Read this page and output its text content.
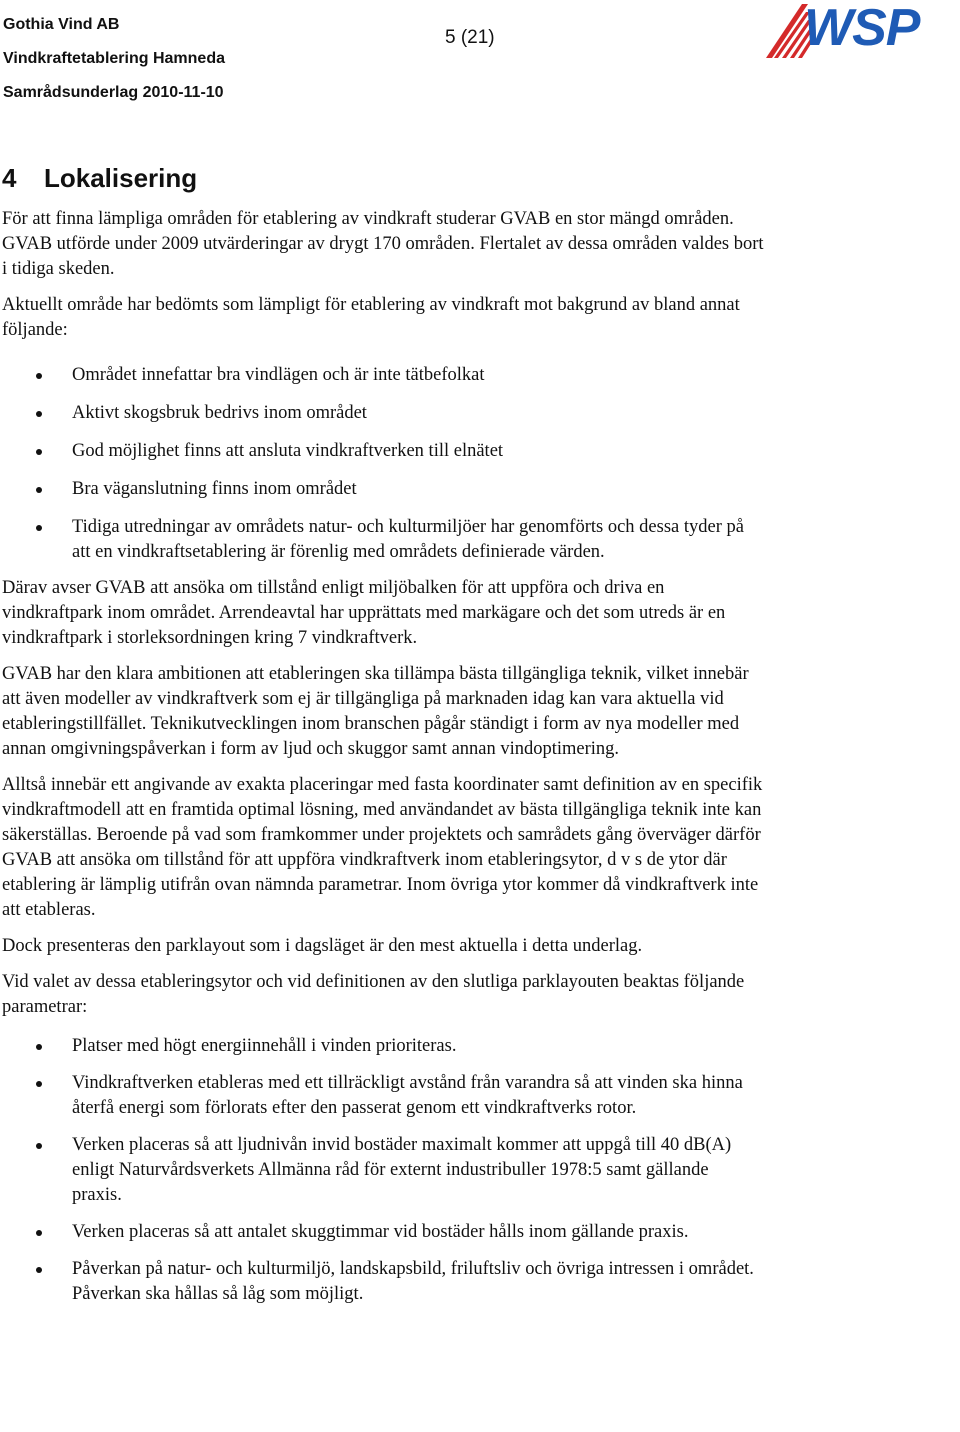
Gothia Vind AB
Vindkraftetablering Hamneda
Samrådsunderlag 2010-11-10
5 (21)	WSP
4 Lokalisering

För att finna lämpliga områden för etablering av vindkraft studerar GVAB en stor mängd områden. GVAB utförde under 2009 utvärderingar av drygt 170 områden. Flertalet av dessa områden valdes bort i tidiga skeden.

Aktuellt område har bedömts som lämpligt för etablering av vindkraft mot bakgrund av bland annat följande:

Området innefattar bra vindlägen och är inte tätbefolkat
Aktivt skogsbruk bedrivs inom området
God möjlighet finns att ansluta vindkraftverken till elnätet
Bra väganslutning finns inom området
Tidiga utredningar av områdets natur- och kulturmiljöer har genomförts och dessa tyder på att en vindkraftsetablering är förenlig med områdets definierade värden.

Därav avser GVAB att ansöka om tillstånd enligt miljöbalken för att uppföra och driva en vindkraftpark inom området. Arrendeavtal har upprättats med markägare och det som utreds är en vindkraftpark i storleksordningen kring 7 vindkraftverk.

GVAB har den klara ambitionen att etableringen ska tillämpa bästa tillgängliga teknik, vilket innebär att även modeller av vindkraftverk som ej är tillgängliga på marknaden idag kan vara aktuella vid etableringstillfället. Teknikutvecklingen inom branschen pågår ständigt i form av nya modeller med annan omgivningspåverkan i form av ljud och skuggor samt annan vindoptimering.

Alltså innebär ett angivande av exakta placeringar med fasta koordinater samt definition av en specifik vindkraftmodell att en framtida optimal lösning, med användandet av bästa tillgängliga teknik inte kan säkerställas. Beroende på vad som framkommer under projektets och samrådets gång överväger därför GVAB att ansöka om tillstånd för att uppföra vindkraftverk inom etableringsytor, d v s de ytor där etablering är lämplig utifrån ovan nämnda parametrar. Inom övriga ytor kommer då vindkraftverk inte att etableras.

Dock presenteras den parklayout som i dagsläget är den mest aktuella i detta underlag.

Vid valet av dessa etableringsytor och vid definitionen av den slutliga parklayouten beaktas följande parametrar:

Platser med högt energiinnehåll i vinden prioriteras.
Vindkraftverken etableras med ett tillräckligt avstånd från varandra så att vinden ska hinna återfå energi som förlorats efter den passerat genom ett vindkraftverks rotor.
Verken placeras så att ljudnivån invid bostäder maximalt kommer att uppgå till 40 dB(A) enligt Naturvårdsverkets Allmänna råd för externt industribuller 1978:5 samt gällande praxis.
Verken placeras så att antalet skuggtimmar vid bostäder hålls inom gällande praxis.
Påverkan på natur- och kulturmiljö, landskapsbild, friluftsliv och övriga intressen i området. Påverkan ska hållas så låg som möjligt.
